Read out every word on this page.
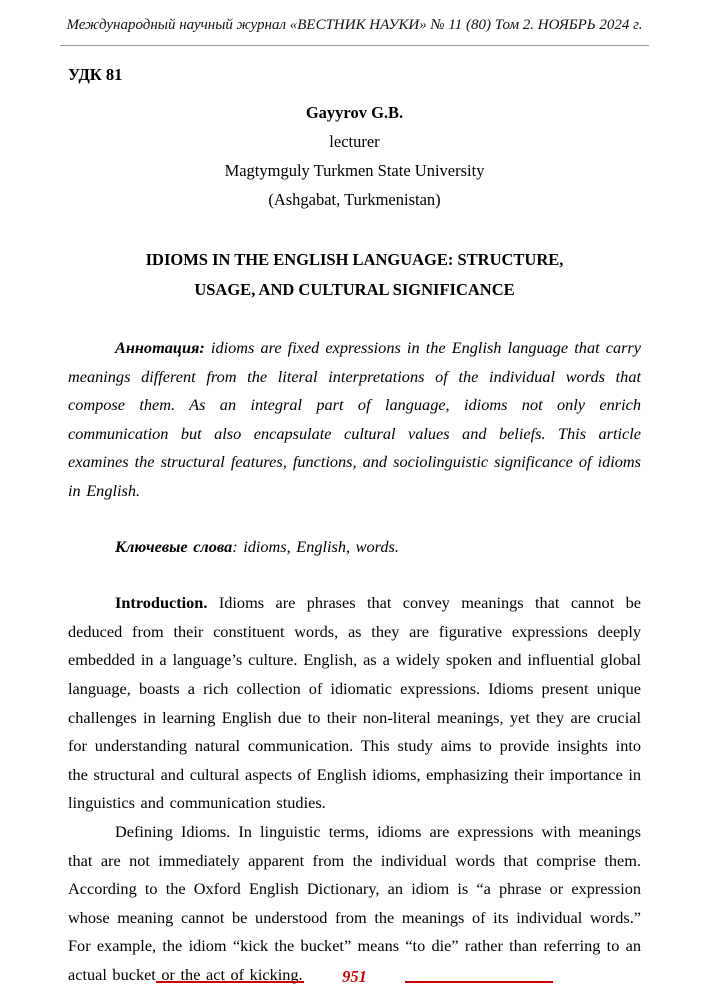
Международный научный журнал «ВЕСТНИК НАУКИ» № 11 (80) Том 2. НОЯБРЬ 2024 г.
УДК 81
Gayyrov G.B.
lecturer
Magtymguly Turkmen State University
(Ashgabat, Turkmenistan)
IDIOMS IN THE ENGLISH LANGUAGE: STRUCTURE,
USAGE, AND CULTURAL SIGNIFICANCE

Аннотация: idioms are fixed expressions in the English language that carry meanings different from the literal interpretations of the individual words that compose them. As an integral part of language, idioms not only enrich communication but also encapsulate cultural values and beliefs. This article examines the structural features, functions, and sociolinguistic significance of idioms in English.

Ключевые слова: idioms, English, words.

Introduction. Idioms are phrases that convey meanings that cannot be deduced from their constituent words, as they are figurative expressions deeply embedded in a language’s culture. English, as a widely spoken and influential global language, boasts a rich collection of idiomatic expressions. Idioms present unique challenges in learning English due to their non-literal meanings, yet they are crucial for understanding natural communication. This study aims to provide insights into the structural and cultural aspects of English idioms, emphasizing their importance in linguistics and communication studies.

Defining Idioms. In linguistic terms, idioms are expressions with meanings that are not immediately apparent from the individual words that comprise them. According to the Oxford English Dictionary, an idiom is “a phrase or expression whose meaning cannot be understood from the meanings of its individual words.” For example, the idiom “kick the bucket” means “to die” rather than referring to an actual bucket or the act of kicking.	951
